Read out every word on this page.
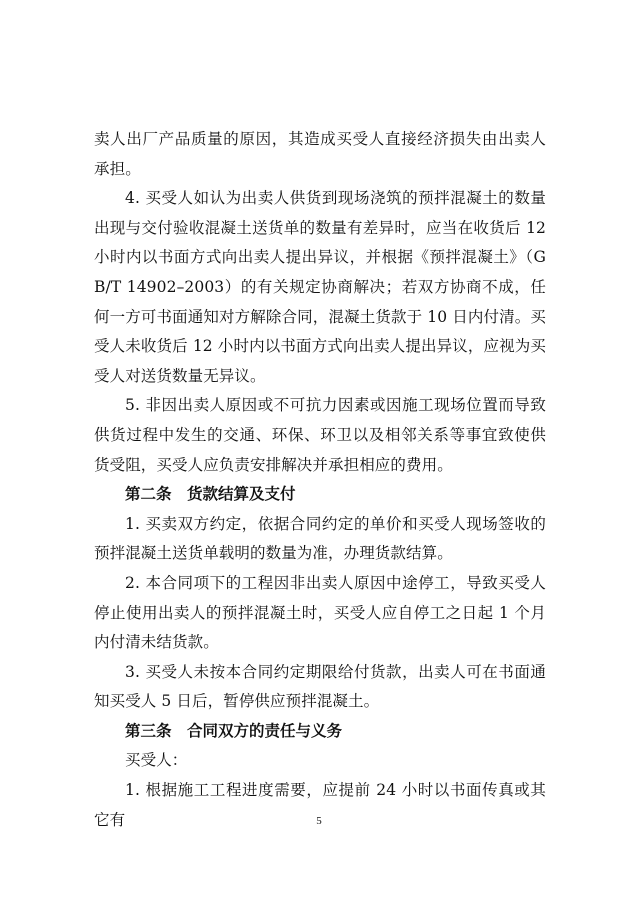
卖人出厂产品质量的原因，其造成买受人直接经济损失由出卖人承担。

4. 买受人如认为出卖人供货到现场浇筑的预拌混凝土的数量出现与交付验收混凝土送货单的数量有差异时，应当在收货后 12 小时内以书面方式向出卖人提出异议，并根据《预拌混凝土》（GB/T 14902–2003）的有关规定协商解决；若双方协商不成，任何一方可书面通知对方解除合同，混凝土货款于 10 日内付清。买受人未收货后 12 小时内以书面方式向出卖人提出异议，应视为买受人对送货数量无异议。

5. 非因出卖人原因或不可抗力因素或因施工现场位置而导致供货过程中发生的交通、环保、环卫以及相邻关系等事宜致使供货受阻，买受人应负责安排解决并承担相应的费用。

第二条　货款结算及支付

1. 买卖双方约定，依据合同约定的单价和买受人现场签收的预拌混凝土送货单载明的数量为准，办理货款结算。

2. 本合同项下的工程因非出卖人原因中途停工，导致买受人停止使用出卖人的预拌混凝土时，买受人应自停工之日起 1 个月内付清未结货款。

3. 买受人未按本合同约定期限给付货款，出卖人可在书面通知买受人 5 日后，暂停供应预拌混凝土。

第三条　合同双方的责任与义务

买受人：

1. 根据施工工程进度需要，应提前 24 小时以书面传真或其它有	5
